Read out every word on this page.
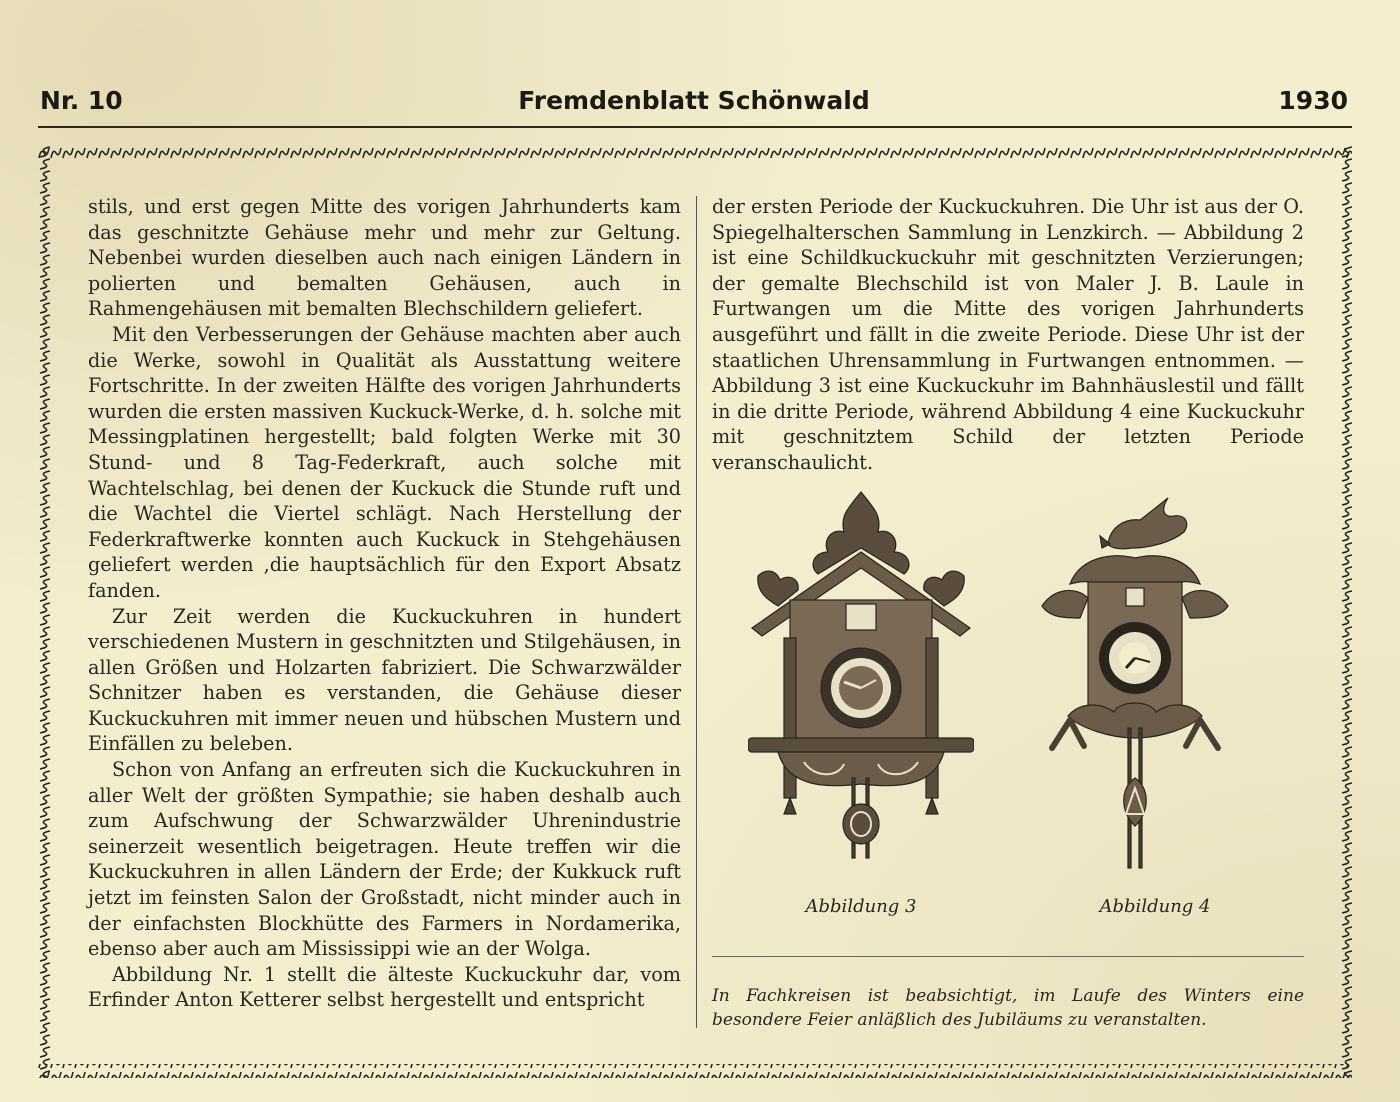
Nr. 10	Fremdenblatt Schönwald	1930

stils, und erst gegen Mitte des vorigen Jahrhunderts kam das geschnitzte Gehäuse mehr und mehr zur Geltung. Nebenbei wurden dieselben auch nach einigen Ländern in polierten und bemalten Gehäusen, auch in Rahmengehäusen mit bemalten Blechschildern geliefert.

Mit den Verbesserungen der Gehäuse machten aber auch die Werke, sowohl in Qualität als Ausstattung weitere Fortschritte. In der zweiten Hälfte des vorigen Jahrhunderts wurden die ersten massiven Kuckuck-Werke, d. h. solche mit Messingplatinen hergestellt; bald folgten Werke mit 30 Stund- und 8 Tag-Federkraft, auch solche mit Wachtelschlag, bei denen der Kuckuck die Stunde ruft und die Wachtel die Viertel schlägt. Nach Herstellung der Federkraftwerke konnten auch Kuckuck in Stehgehäusen geliefert werden ,die hauptsächlich für den Export Absatz fanden.

Zur Zeit werden die Kuckuckuhren in hundert verschiedenen Mustern in geschnitzten und Stilgehäusen, in allen Größen und Holzarten fabriziert. Die Schwarzwälder Schnitzer haben es verstanden, die Gehäuse dieser Kuckuckuhren mit immer neuen und hübschen Mustern und Einfällen zu beleben.

Schon von Anfang an erfreuten sich die Kuckuckuhren in aller Welt der größten Sympathie; sie haben deshalb auch zum Aufschwung der Schwarzwälder Uhrenindustrie seinerzeit wesentlich beigetragen. Heute treffen wir die Kuckuckuhren in allen Ländern der Erde; der Kukkuck ruft jetzt im feinsten Salon der Großstadt, nicht minder auch in der einfachsten Blockhütte des Farmers in Nordamerika, ebenso aber auch am Mississippi wie an der Wolga.

Abbildung Nr. 1 stellt die älteste Kuckuckuhr dar, vom Erfinder Anton Ketterer selbst hergestellt und entspricht

der ersten Periode der Kuckuckuhren. Die Uhr ist aus der O. Spiegelhalterschen Sammlung in Lenzkirch. — Abbildung 2 ist eine Schildkuckuckuhr mit geschnitzten Verzierungen; der gemalte Blechschild ist von Maler J. B. Laule in Furtwangen um die Mitte des vorigen Jahrhunderts ausgeführt und fällt in die zweite Periode. Diese Uhr ist der staatlichen Uhrensammlung in Furtwangen entnommen. — Abbildung 3 ist eine Kuckuckuhr im Bahnhäuslestil und fällt in die dritte Periode, während Abbildung 4 eine Kuckuckuhr mit geschnitztem Schild der letzten Periode veranschaulicht.

Abbildung 3	Abbildung 4
In Fachkreisen ist beabsichtigt, im Laufe des Winters eine besondere Feier anläßlich des Jubiläums zu veranstalten.
